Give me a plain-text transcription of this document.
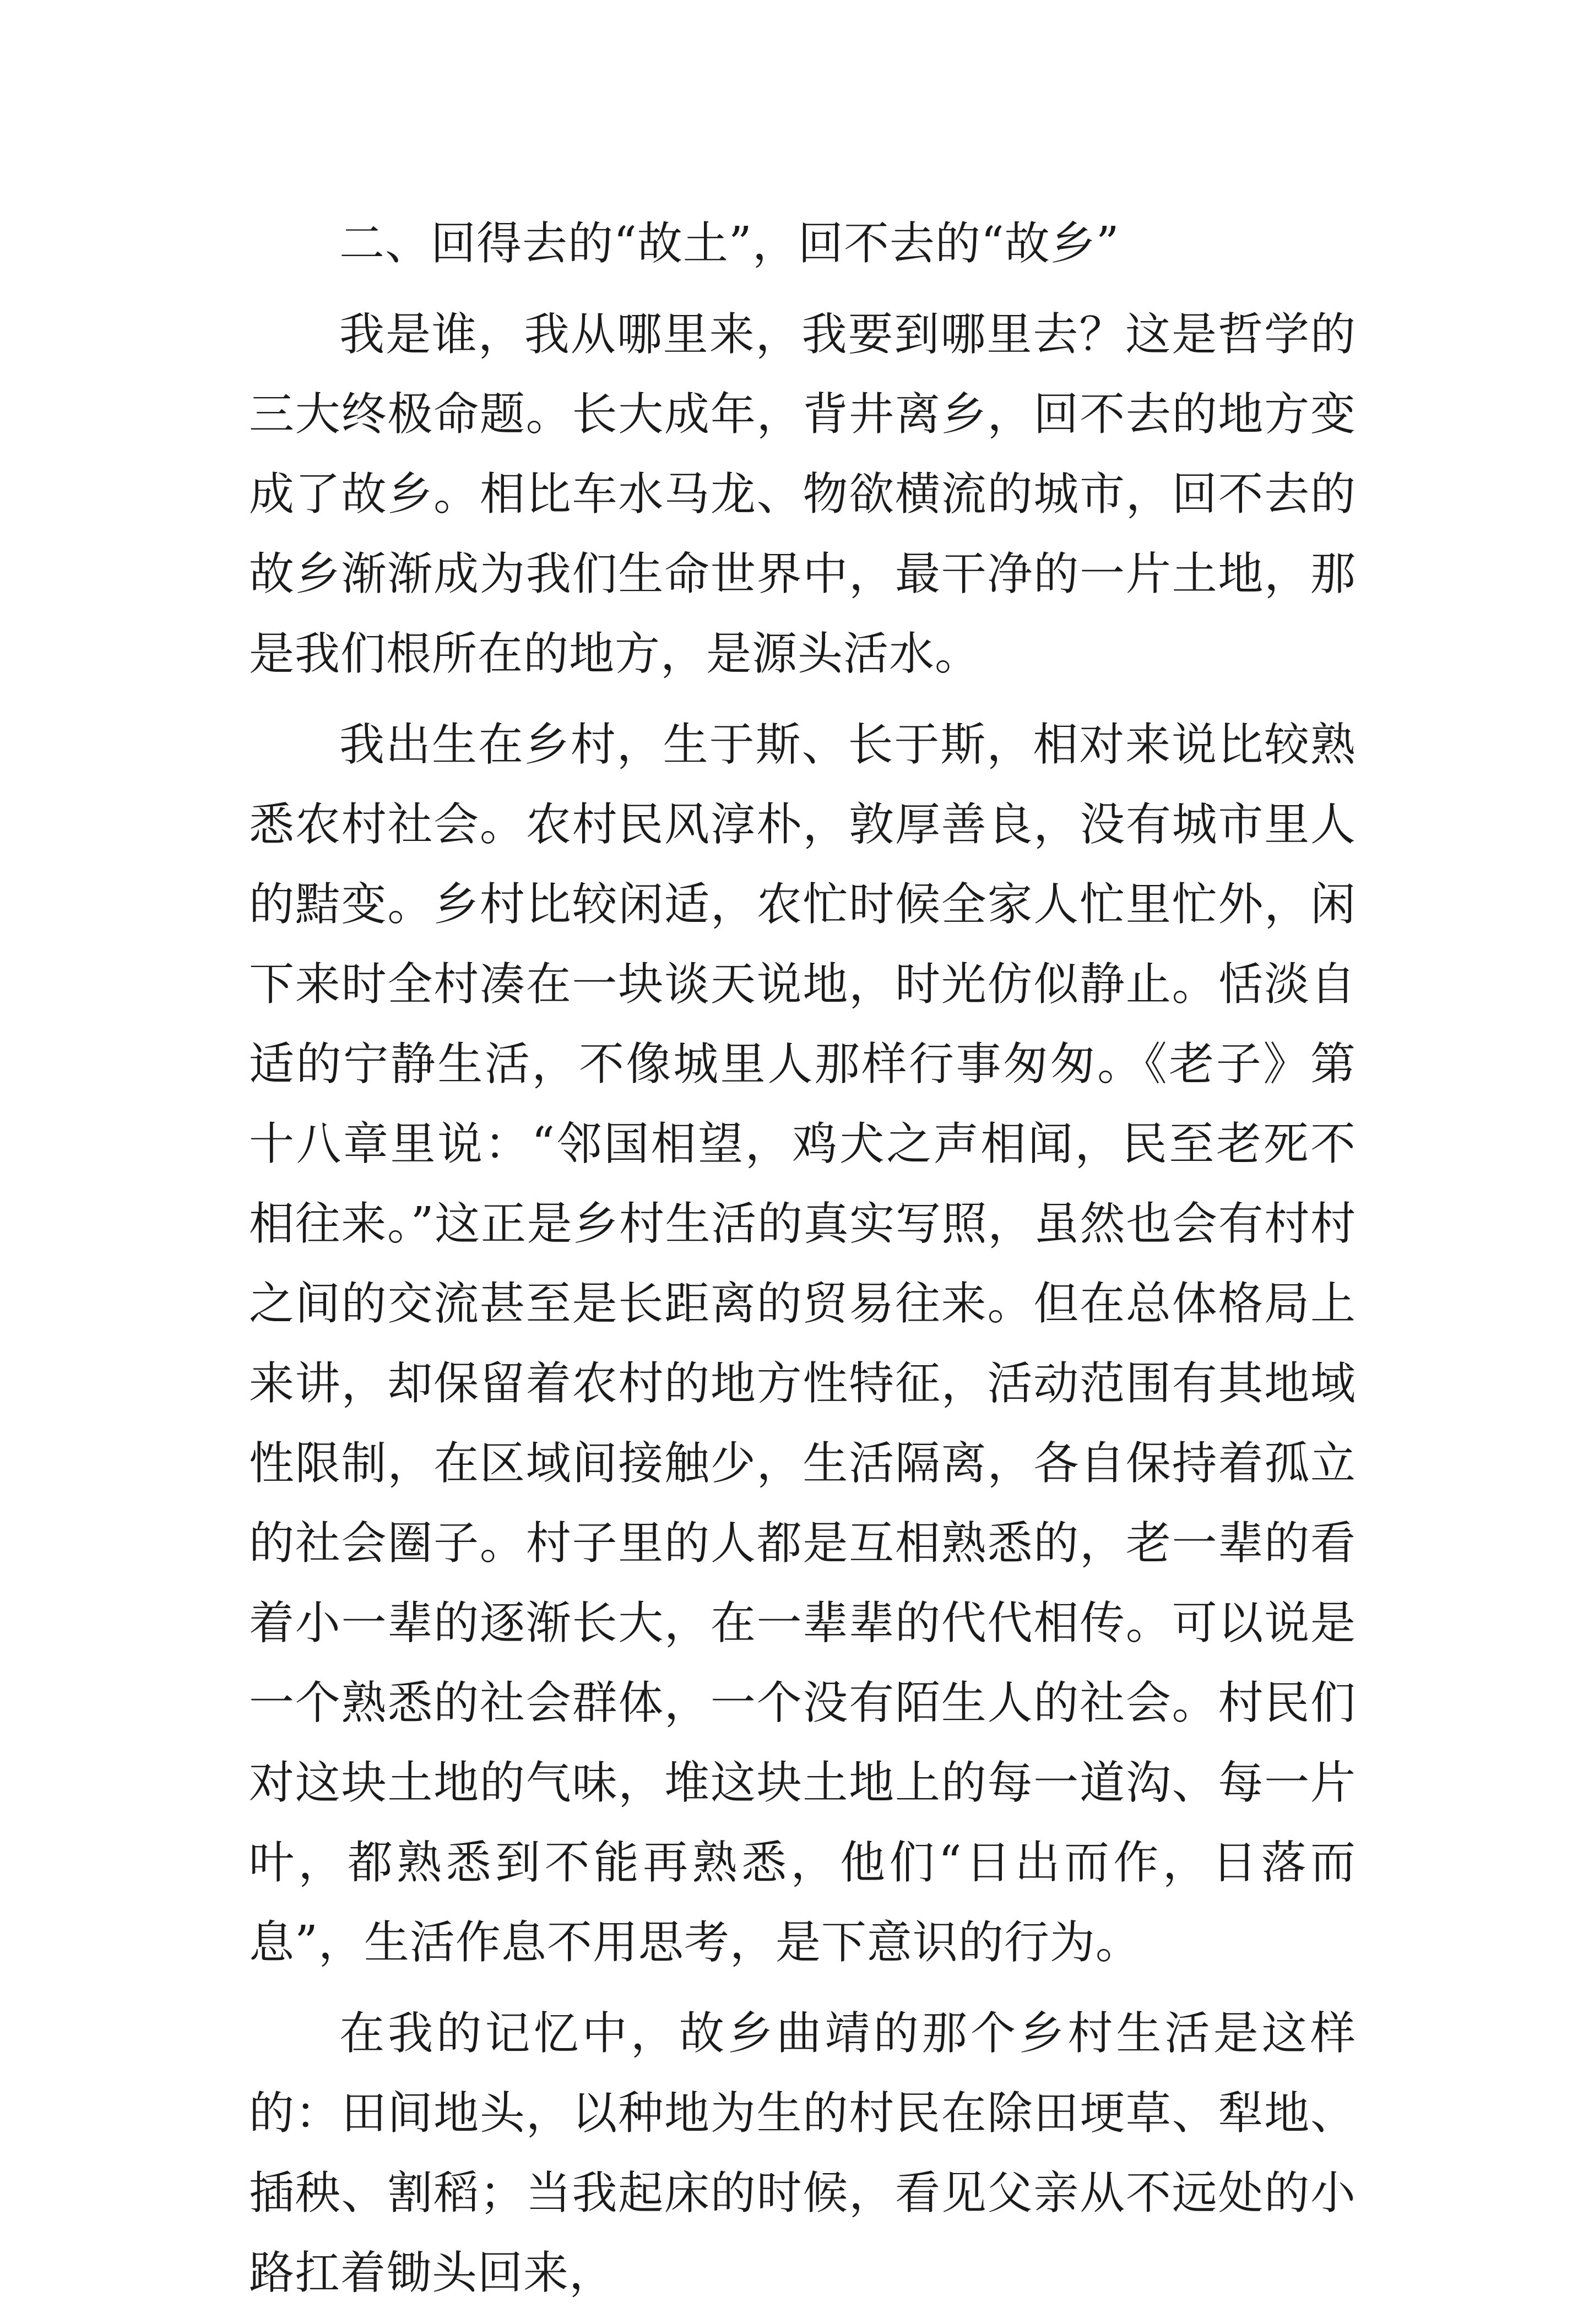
二、回得去的“故土”，回不去的“故乡”

我是谁，我从哪里来，我要到哪里去？这是哲学的三大终极命题。长大成年，背井离乡，回不去的地方变成了故乡。相比车水马龙、物欲横流的城市，回不去的故乡渐渐成为我们生命世界中，最干净的一片土地，那是我们根所在的地方，是源头活水。

我出生在乡村，生于斯、长于斯，相对来说比较熟悉农村社会。农村民风淳朴，敦厚善良，没有城市里人的黠变。乡村比较闲适，农忙时候全家人忙里忙外，闲下来时全村凑在一块谈天说地，时光仿似静止。恬淡自适的宁静生活，不像城里人那样行事匆匆。《老子》第十八章里说：“邻国相望，鸡犬之声相闻，民至老死不相往来。”这正是乡村生活的真实写照，虽然也会有村村之间的交流甚至是长距离的贸易往来。但在总体格局上来讲，却保留着农村的地方性特征，活动范围有其地域性限制，在区域间接触少，生活隔离，各自保持着孤立的社会圈子。村子里的人都是互相熟悉的，老一辈的看着小一辈的逐渐长大，在一辈辈的代代相传。可以说是一个熟悉的社会群体，一个没有陌生人的社会。村民们对这块土地的气味，堆这块土地上的每一道沟、每一片叶，都熟悉到不能再熟悉，他们“日出而作，日落而息”，生活作息不用思考，是下意识的行为。

在我的记忆中，故乡曲靖的那个乡村生活是这样的：田间地头，以种地为生的村民在除田埂草、犁地、插秧、割稻；当我起床的时候，看见父亲从不远处的小路扛着锄头回来，
